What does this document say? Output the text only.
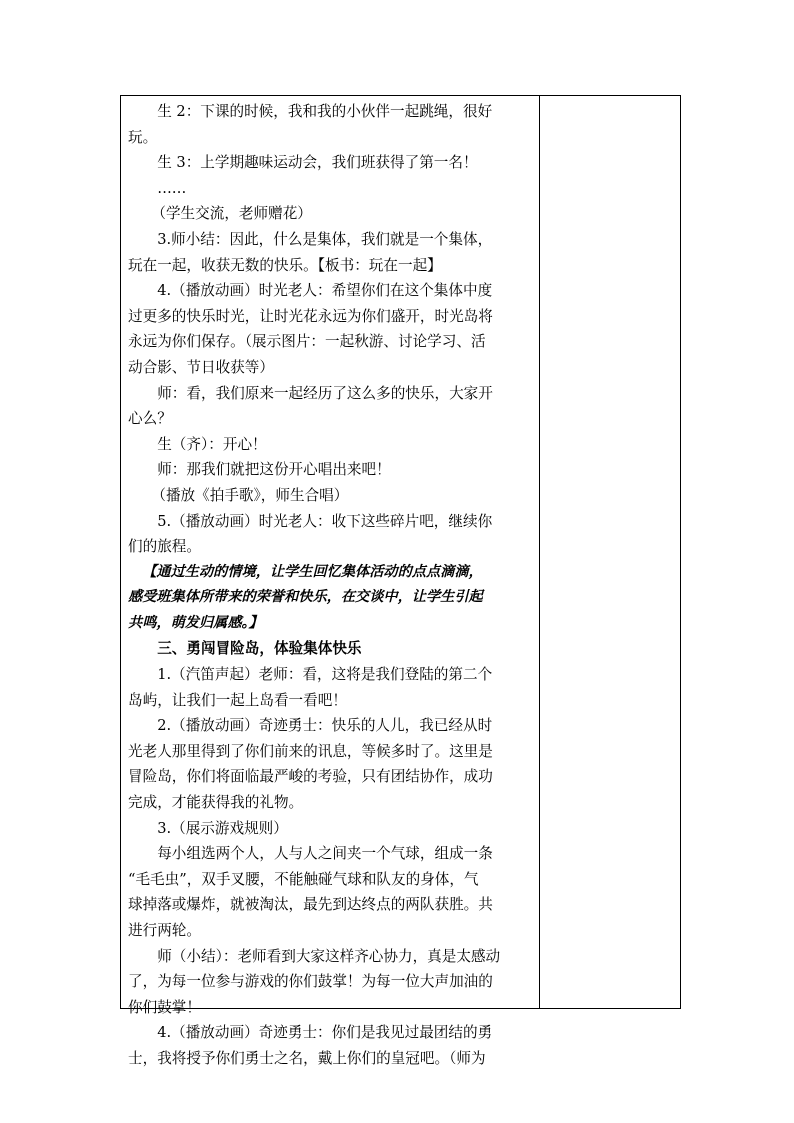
生 2：下课的时候，我和我的小伙伴一起跳绳，很好

玩。

生 3：上学期趣味运动会，我们班获得了第一名！

……

（学生交流，老师赠花）

3.师小结：因此，什么是集体，我们就是一个集体，

玩在一起，收获无数的快乐。【板书：玩在一起】

4.（播放动画）时光老人：希望你们在这个集体中度

过更多的快乐时光，让时光花永远为你们盛开，时光岛将

永远为你们保存。（展示图片：一起秋游、讨论学习、活

动合影、节日收获等）

师：看，我们原来一起经历了这么多的快乐，大家开

心么？

生（齐）：开心！

师：那我们就把这份开心唱出来吧！

（播放《拍手歌》，师生合唱）

5.（播放动画）时光老人：收下这些碎片吧，继续你

们的旅程。

【通过生动的情境，让学生回忆集体活动的点点滴滴，

感受班集体所带来的荣誉和快乐，在交谈中，让学生引起

共鸣，萌发归属感。】

三、勇闯冒险岛，体验集体快乐

1.（汽笛声起）老师：看，这将是我们登陆的第二个

岛屿，让我们一起上岛看一看吧！

2.（播放动画）奇迹勇士：快乐的人儿，我已经从时

光老人那里得到了你们前来的讯息，等候多时了。这里是

冒险岛，你们将面临最严峻的考验，只有团结协作，成功

完成，才能获得我的礼物。

3.（展示游戏规则）

每小组选两个人，人与人之间夹一个气球，组成一条

“毛毛虫”，双手叉腰，不能触碰气球和队友的身体，气

球掉落或爆炸，就被淘汰，最先到达终点的两队获胜。共

进行两轮。

师（小结）：老师看到大家这样齐心协力，真是太感动

了，为每一位参与游戏的你们鼓掌！为每一位大声加油的

你们鼓掌！

4.（播放动画）奇迹勇士：你们是我见过最团结的勇

士，我将授予你们勇士之名，戴上你们的皇冠吧。（师为
